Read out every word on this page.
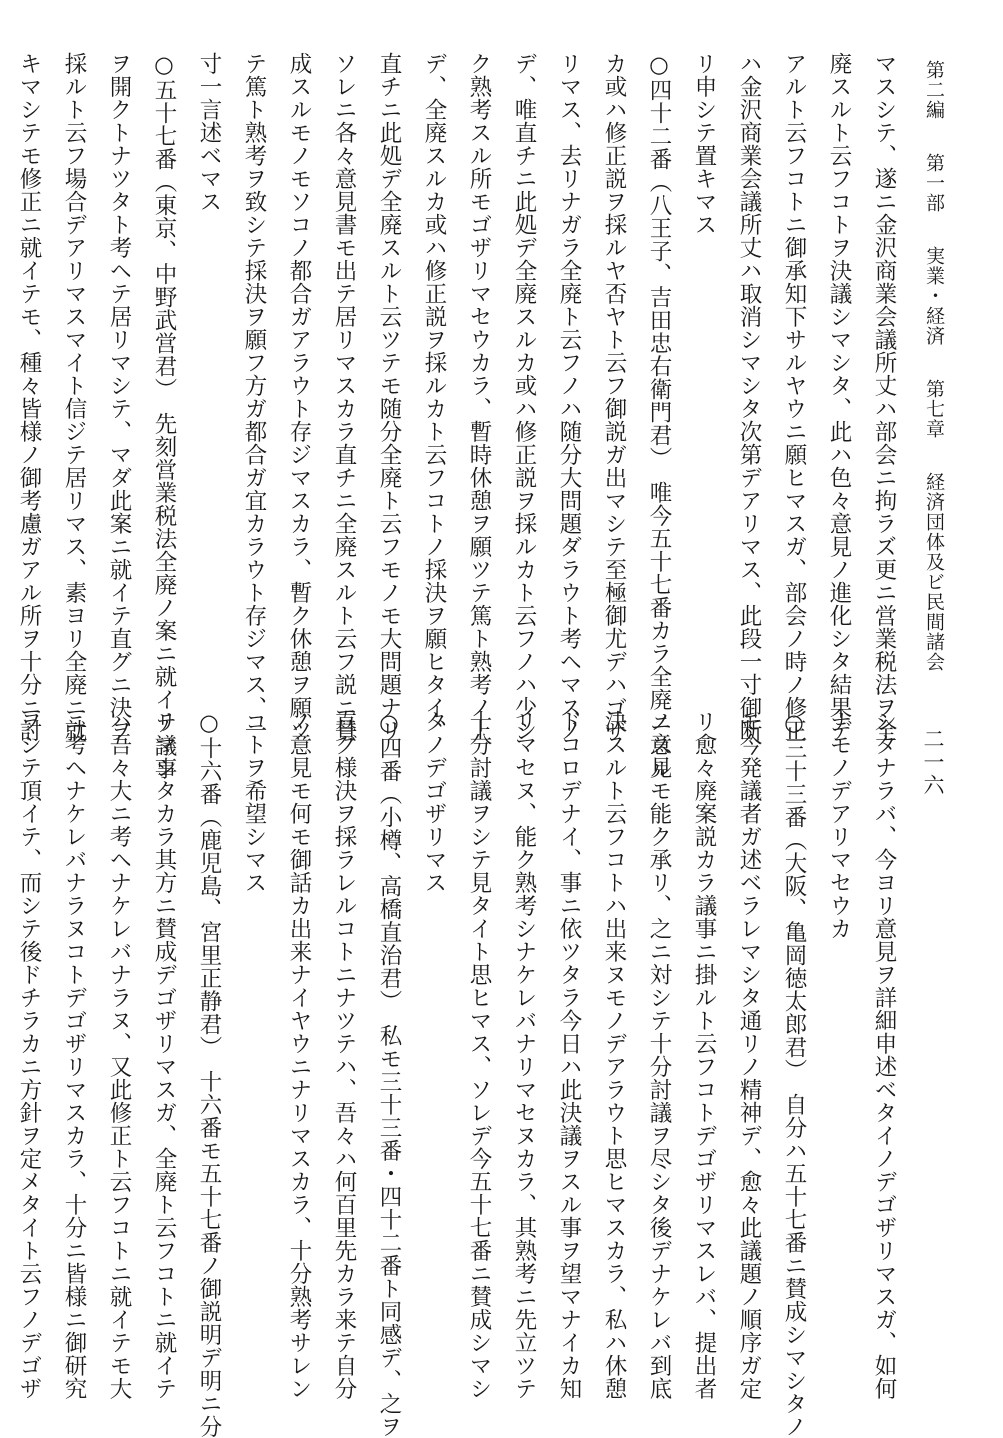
第二編 第一部 実業・経済 第七章 経済団体及ビ民間諸会
二一六
マスシテ、遂ニ金沢商業会議所丈ハ部会ニ拘ラズ更ニ営業税法ヲ全
廃スルト云フコトヲ決議シマシタ、此ハ色々意見ノ進化シタ結果デ
アルト云フコトニ御承知下サルヤウニ願ヒマスガ、部会ノ時ノ修正
ハ金沢商業会議所丈ハ取消シマシタ次第デアリマス、此段一寸御断
リ申シテ置キマス
○四十二番（八王子、吉田忠右衛門君）　唯今五十七番カラ全廃ニスル
カ或ハ修正説ヲ採ルヤ否ヤト云フ御説ガ出マシテ至極御尤デハゴザ
リマス、去リナガラ全廃ト云フノハ随分大問題ダラウト考ヘマスノ
デ、唯直チニ此処デ全廃スルカ或ハ修正説ヲ採ルカト云フノハ少シ
ク熟考スル所モゴザリマセウカラ、暫時休憩ヲ願ツテ篤ト熟考ノ上
デ、全廃スルカ或ハ修正説ヲ採ルカト云フコトノ採決ヲ願ヒタイ、
直チニ此処デ全廃スルト云ツテモ随分全廃ト云フモノモ大問題ナリ
ソレニ各々意見書モ出テ居リマスカラ直チニ全廃スルト云フ説ニ賛
成スルモノモソコノ都合ガアラウト存ジマスカラ、暫ク休憩ヲ願ツ
テ篤ト熟考ヲ致シテ採決ヲ願フ方ガ都合ガ宜カラウト存ジマス、一
寸一言述ベマス
○五十七番（東京、中野武営君）　先刻営業税法全廃ノ案ニ就イテ議事
ヲ開クトナツタト考ヘテ居リマシテ、マダ此案ニ就イテ直グニ決ヲ
採ルト云フ場合デアリマスマイト信ジテ居リマス、素ヨリ全廃ニ就
キマシテモ修正ニ就イテモ、種々皆様ノ御考慮ガアル所ヲ十分ニ討
シタナラバ、今ヨリ意見ヲ詳細申述ベタイノデゴザリマスガ、如何
ナモノデアリマセウカ
○三十三番（大阪、亀岡徳太郎君）　自分ハ五十七番ニ賛成シマシタノ
モ今発議者ガ述ベラレマシタ通リノ精神デ、愈々此議題ノ順序ガ定
リ愈々廃案説カラ議事ニ掛ルト云フコトデゴザリマスレバ、提出者
ノ意見モ能ク承リ、之ニ対シテ十分討議ヲ尽シタ後デナケレバ到底
決スルト云フコトハ出来ヌモノデアラウト思ヒマスカラ、私ハ休憩
ドコロデナイ、事ニ依ツタラ今日ハ此決議ヲスル事ヲ望マナイカ知
リマセヌ、能ク熟考シナケレバナリマセヌカラ、其熟考ニ先立ツテ
十分討議ヲシテ見タイト思ヒマス、ソレデ今五十七番ニ賛成シマシ
タノデゴザリマス
○四番（小樽、高橋直治君）　私モ三十三番・四十二番ト同感デ、之ヲ
直グ様決ヲ採ラレルコトニナツテハ、吾々ハ何百里先カラ来テ自分
ノ意見モ何モ御話カ出来ナイヤウニナリマスカラ、十分熟考サレン
コトヲ希望シマス
○十六番（鹿児島、宮里正静君）　十六番モ五十七番ノ御説明デ明ニ分
リマシタカラ其方ニ賛成デゴザリマスガ、全廃ト云フコトニ就イテ
ハ吾々大ニ考ヘナケレバナラヌ、又此修正ト云フコトニ就イテモ大
ニ考ヘナケレバナラヌコトデゴザリマスカラ、十分ニ皆様ニ御研究
ヲシテ頂イテ、而シテ後ドチラカニ方針ヲ定メタイト云フノデゴザ
